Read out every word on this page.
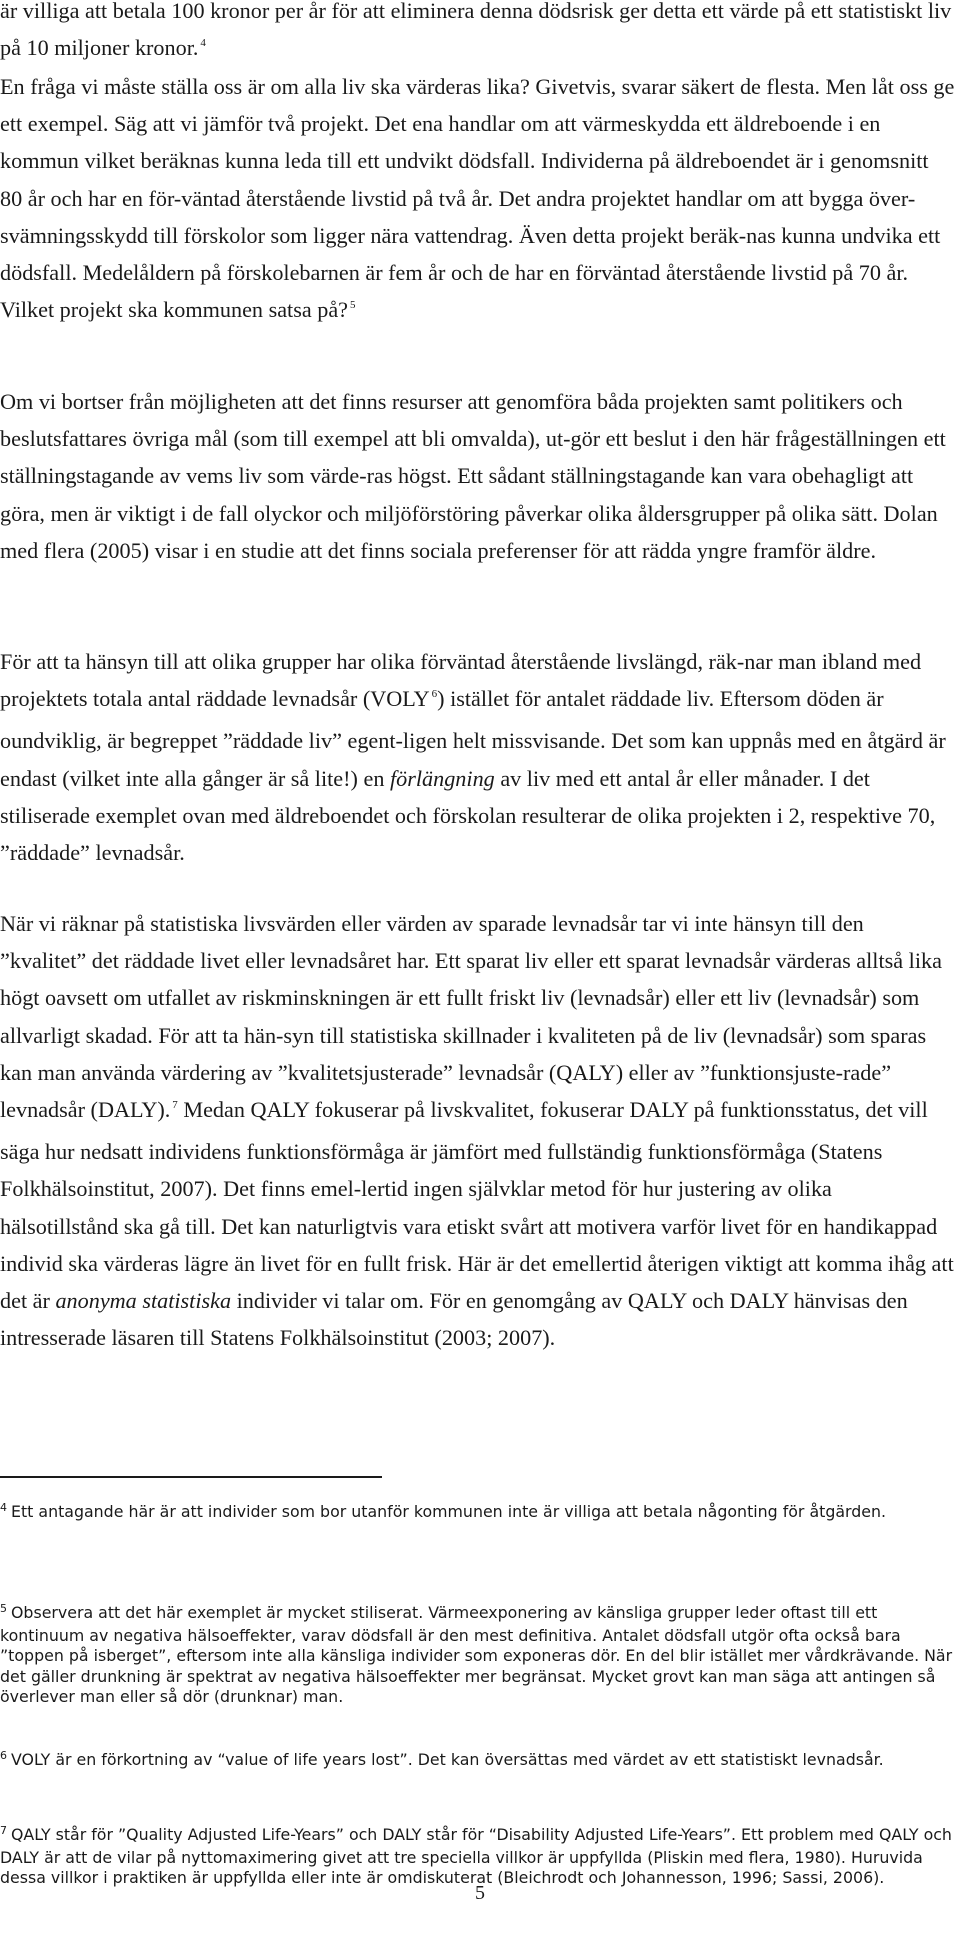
är villiga att betala 100 kronor per år för att eliminera denna dödsrisk ger detta ett värde på ett statistiskt liv på 10 miljoner kronor. $^4$

En fråga vi måste ställa oss är om alla liv ska värderas lika? Givetvis, svarar säkert de flesta. Men låt oss ge ett exempel. Säg att vi jämför två projekt. Det ena handlar om att värmeskydda ett äldreboende i en kommun vilket beräknas kunna leda till ett undvikt dödsfall. Individerna på äldreboendet är i genomsnitt 80 år och har en för-väntad återstående livstid på två år. Det andra projektet handlar om att bygga över-svämningsskydd till förskolor som ligger nära vattendrag. Även detta projekt beräk-nas kunna undvika ett dödsfall. Medelåldern på förskolebarnen är fem år och de har en förväntad återstående livstid på 70 år. Vilket projekt ska kommunen satsa på? $^5$

Om vi bortser från möjligheten att det finns resurser att genomföra båda projekten samt politikers och beslutsfattares övriga mål (som till exempel att bli omvalda), ut-gör ett beslut i den här frågeställningen ett ställningstagande av vems liv som värde-ras högst. Ett sådant ställningstagande kan vara obehagligt att göra, men är viktigt i de fall olyckor och miljöförstöring påverkar olika åldersgrupper på olika sätt. Dolan med flera (2005) visar i en studie att det finns sociala preferenser för att rädda yngre framför äldre.

För att ta hänsyn till att olika grupper har olika förväntad återstående livslängd, räk-nar man ibland med projektets totala antal räddade levnadsår (VOLY $^6$) istället för antalet räddade liv. Eftersom döden är oundviklig, är begreppet ”räddade liv” egent-ligen helt missvisande. Det som kan uppnås med en åtgärd är endast (vilket inte alla gånger är så lite!) en förlängning av liv med ett antal år eller månader. I det stiliserade exemplet ovan med äldreboendet och förskolan resulterar de olika projekten i 2, respektive 70, ”räddade” levnadsår.

När vi räknar på statistiska livsvärden eller värden av sparade levnadsår tar vi inte hänsyn till den ”kvalitet” det räddade livet eller levnadsåret har. Ett sparat liv eller ett sparat levnadsår värderas alltså lika högt oavsett om utfallet av riskminskningen är ett fullt friskt liv (levnadsår) eller ett liv (levnadsår) som allvarligt skadad. För att ta hän-syn till statistiska skillnader i kvaliteten på de liv (levnadsår) som sparas kan man använda värdering av ”kvalitetsjusterade” levnadsår (QALY) eller av ”funktionsjuste-rade” levnadsår (DALY). $^7$ Medan QALY fokuserar på livskvalitet, fokuserar DALY på funktionsstatus, det vill säga hur nedsatt individens funktionsförmåga är jämfört med fullständig funktionsförmåga (Statens Folkhälsoinstitut, 2007). Det finns emel-lertid ingen självklar metod för hur justering av olika hälsotillstånd ska gå till. Det kan naturligtvis vara etiskt svårt att motivera varför livet för en handikappad individ ska värderas lägre än livet för en fullt frisk. Här är det emellertid återigen viktigt att komma ihåg att det är anonyma statistiska individer vi talar om. För en genomgång av QALY och DALY hänvisas den intresserade läsaren till Statens Folkhälsoinstitut (2003; 2007).

$^4$ Ett antagande här är att individer som bor utanför kommunen inte är villiga att betala någonting för åtgärden.

$^5$ Observera att det här exemplet är mycket stiliserat. Värmeexponering av känsliga grupper leder oftast till ett kontinuum av negativa hälsoeffekter, varav dödsfall är den mest definitiva. Antalet dödsfall utgör ofta också bara ”toppen på isberget”, eftersom inte alla känsliga individer som exponeras dör. En del blir istället mer vårdkrävande. När det gäller drunkning är spektrat av negativa hälsoeffekter mer begränsat. Mycket grovt kan man säga att antingen så överlever man eller så dör (drunknar) man.

$^6$ VOLY är en förkortning av “value of life years lost”. Det kan översättas med värdet av ett statistiskt levnadsår.

$^7$ QALY står för ”Quality Adjusted Life-Years” och DALY står för “Disability Adjusted Life-Years”. Ett problem med QALY och DALY är att de vilar på nyttomaximering givet att tre speciella villkor är uppfyllda (Pliskin med flera, 1980). Huruvida dessa villkor i praktiken är uppfyllda eller inte är omdiskuterat (Bleichrodt och Johannesson, 1996; Sassi, 2006).

5
